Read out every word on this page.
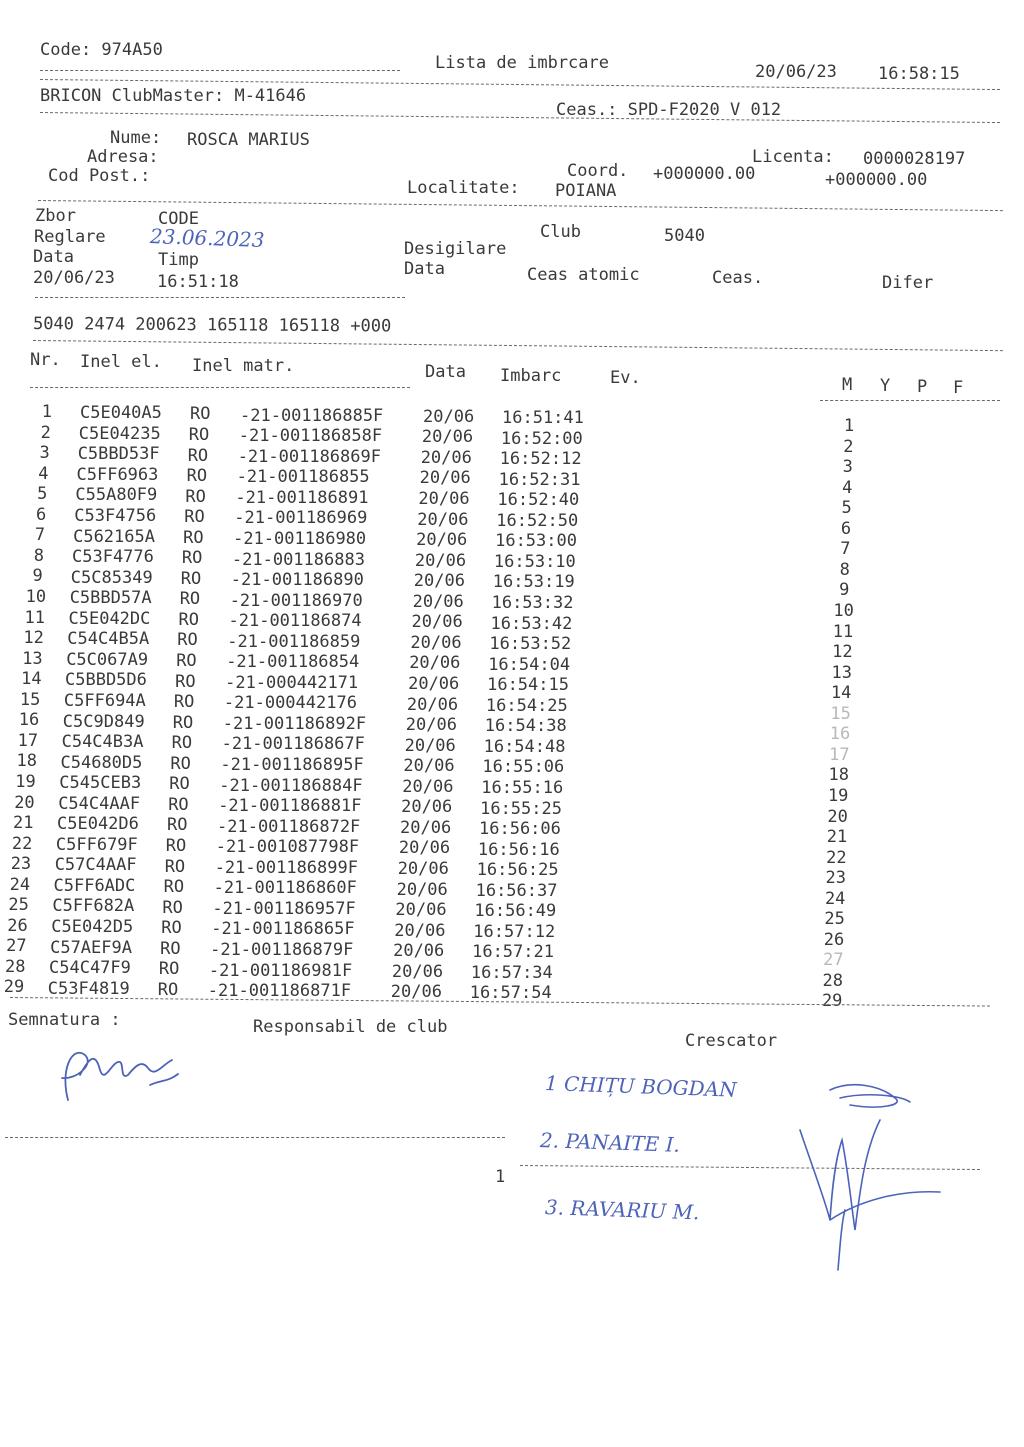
Code: 974A50
Lista de imbrcare	20/06/23 16:58:15
BRICON ClubMaster: M-41646
Ceas.: SPD-F2020 V 012
Nume: ROSCA MARIUS
Adresa:	Licenta: 0000028197
Cod Post.:	Coord. +000000.00	+000000.00
Localitate: POIANA
Zbor	CODE
Reglare 23.06.2023	Club	5040
Desigilare
Data	Timp	Data	Ceas atomic	Ceas.	Difer
20/06/23 16:51:18
5040 2474 200623 165118 165118 +000
Nr. Inel el. Inel matr.	Data Imbarc	Ev.	M Y P F
1 C5E040A5 RO -21-001186885F 20/06 16:51:41	1
2 C5E04235 RO -21-001186858F 20/06 16:52:00	2
3 C5BBD53F RO -21-001186869F 20/06 16:52:12	3
4 C5FF6963 RO -21-001186855	20/06 16:52:31	4
5 C55A80F9 RO -21-001186891	20/06 16:52:40	5
6 C53F4756 RO -21-001186969	20/06 16:52:50	6
7 C562165A RO -21-001186980	20/06 16:53:00	7
8 C53F4776 RO -21-001186883	20/06 16:53:10	8
9 C5C85349 RO -21-001186890	20/06 16:53:19	9
10 C5BBD57A RO -21-001186970	20/06 16:53:32	10
11 C5E042DC RO -21-001186874	20/06 16:53:42	11
12 C54C4B5A RO -21-001186859	20/06 16:53:52	12
13 C5C067A9 RO -21-001186854	20/06 16:54:04	13
14 C5BBD5D6 RO -21-000442171	20/06 16:54:15	14
15 C5FF694A RO -21-000442176	20/06 16:54:25	15
16 C5C9D849 RO -21-001186892F 20/06 16:54:38	16
17 C54C4B3A RO -21-001186867F 20/06 16:54:48	17
18 C54680D5 RO -21-001186895F 20/06 16:55:06	18
19 C545CEB3 RO -21-001186884F 20/06 16:55:16	19
20 C54C4AAF RO -21-001186881F 20/06 16:55:25	20
21 C5E042D6 RO -21-001186872F 20/06 16:56:06	21
22 C5FF679F RO -21-001087798F 20/06 16:56:16	22
23 C57C4AAF RO -21-001186899F 20/06 16:56:25	23
24 C5FF6ADC RO -21-001186860F 20/06 16:56:37	24
25 C5FF682A RO -21-001186957F 20/06 16:56:49	25
26 C5E042D5 RO -21-001186865F 20/06 16:57:12	26
27 C57AEF9A RO -21-001186879F 20/06 16:57:21	27
28 C54C47F9 RO -21-001186981F 20/06 16:57:34	28
29 C53F4819 RO -21-001186871F 20/06 16:57:54	29
Semnatura :	Responsabil de club
Crescator
1 CHIȚU BOGDAN
2. PANAITE I.
1
3. RAVARIU M.
